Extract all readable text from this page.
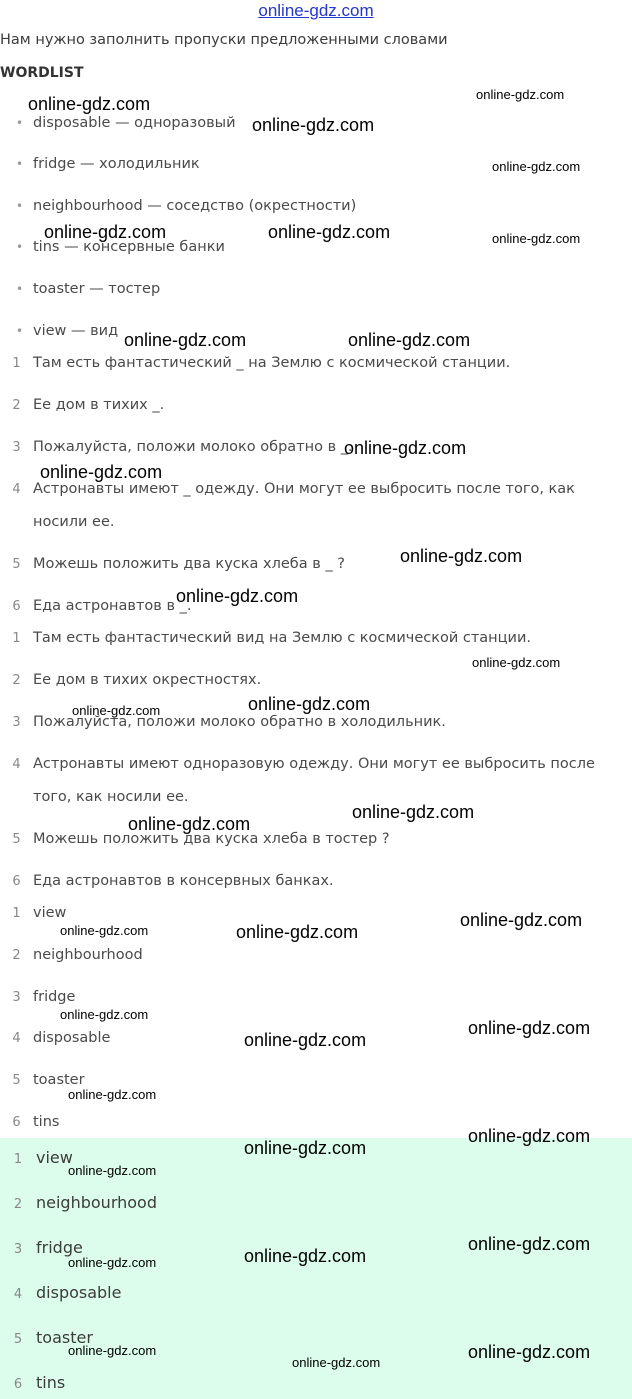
online-gdz.com
Нам нужно заполнить пропуски предложенными словами
WORDLIST
• disposable — одноразовый
• fridge — холодильник
• neighbourhood — соседство (окрестности)
• tins — консервные банки
• toaster — тостер
• view — вид
1 Там есть фантастический _ на Землю с космической станции.
2 Ее дом в тихих _.
3 Пожалуйста, положи молоко обратно в _.
4 Астронавты имеют _ одежду. Они могут ее выбросить после того, как
носили ее.
5 Можешь положить два куска хлеба в _ ?
6 Еда астронавтов в _.
1 Там есть фантастический вид на Землю с космической станции.
2 Ее дом в тихих окрестностях.
3 Пожалуйста, положи молоко обратно в холодильник.
4 Астронавты имеют одноразовую одежду. Они могут ее выбросить после
того, как носили ее.
5 Можешь положить два куска хлеба в тостер ?
6 Еда астронавтов в консервных банках.
1 view
2 neighbourhood
3 fridge
4 disposable
5 toaster
6 tins
1 view
2 neighbourhood
3 fridge
4 disposable
5 toaster
6 tins
online-gdz.com	online-gdz.com
online-gdz.com
online-gdz.com
online-gdz.com	online-gdz.com	online-gdz.com
online-gdz.com	online-gdz.com
online-gdz.com
online-gdz.com
online-gdz.com
online-gdz.com
online-gdz.com
online-gdz.com
online-gdz.com
online-gdz.com
online-gdz.com
online-gdz.com
online-gdz.com	online-gdz.com
online-gdz.com
online-gdz.com
online-gdz.com
online-gdz.com
online-gdz.com
online-gdz.com
online-gdz.com
online-gdz.com
online-gdz.com
online-gdz.com
online-gdz.com	online-gdz.com
online-gdz.com
